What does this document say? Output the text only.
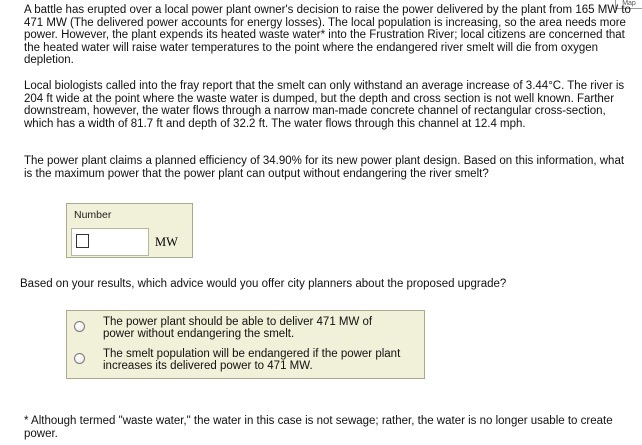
Map

A battle has erupted over a local power plant owner's decision to raise the power delivered by the plant from 165 MW to 471 MW (The delivered power accounts for energy losses). The local population is increasing, so the area needs more power. However, the plant expends its heated waste water* into the Frustration River; local citizens are concerned that the heated water will raise water temperatures to the point where the endangered river smelt will die from oxygen depletion.

Local biologists called into the fray report that the smelt can only withstand an average increase of 3.44°C. The river is 204 ft wide at the point where the waste water is dumped, but the depth and cross section is not well known. Farther downstream, however, the water flows through a narrow man-made concrete channel of rectangular cross-section, which has a width of 81.7 ft and depth of 32.2 ft. The water flows through this channel at 12.4 mph.

The power plant claims a planned efficiency of 34.90% for its new power plant design. Based on this information, what is the maximum power that the power plant can output without endangering the river smelt?

Number
MW

Based on your results, which advice would you offer city planners about the proposed upgrade?

The power plant should be able to deliver 471 MW of power without endangering the smelt.
The smelt population will be endangered if the power plant increases its delivered power to 471 MW.

* Although termed "waste water," the water in this case is not sewage; rather, the water is no longer usable to create power.
